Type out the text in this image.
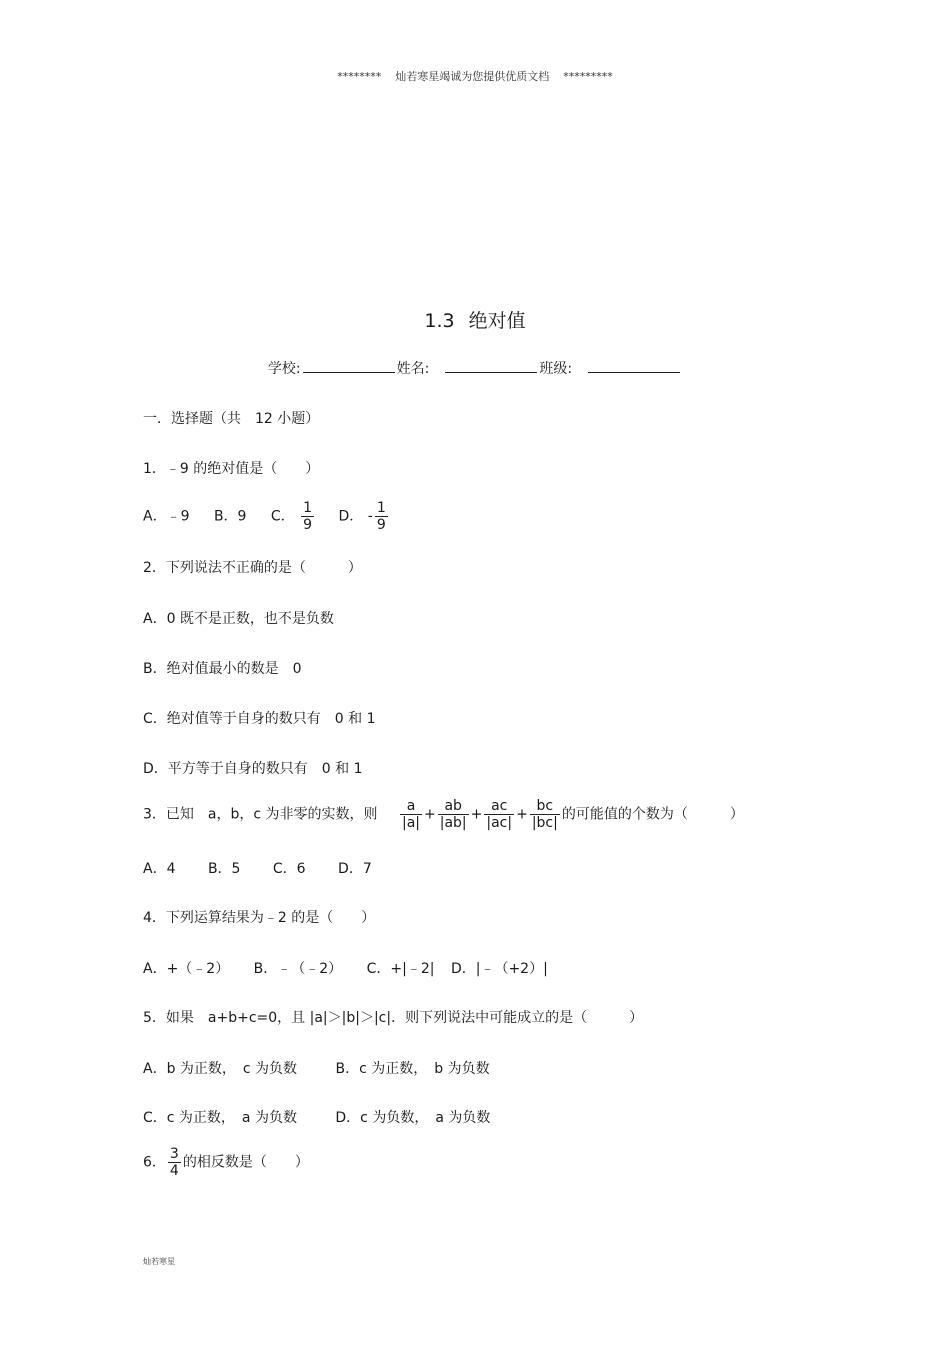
******** 灿若寒星竭诚为您提供优质文档 *********
1.3 绝对值
学校:	姓名:	班级:
一．选择题（共　12 小题）
1．﹣9 的绝对值是（　　）
A．﹣9 B．9 C． $\frac{1}{9}$ D． - $\frac{1}{9}$
2．下列说法不正确的是（　　　）
A．0 既不是正数，也不是负数
B．绝对值最小的数是　0
C．绝对值等于自身的数只有　0 和 1
D．平方等于自身的数只有　0 和 1
3．已知　a，b，c 为非零的实数，则 $\frac{a}{|a|} + \frac{ab}{|ab|} + \frac{ac}{|ac|} + \frac{bc}{|bc|}$ 的可能值的个数为（　　　）
A．4 B．5 C．6 D．7
4．下列运算结果为﹣2 的是（　　）
A．+（﹣2） B．﹣（﹣2） C．+|﹣2| D．|﹣（+2）|
5．如果　a+b+c=0，且 |a|＞|b|＞|c|．则下列说法中可能成立的是（　　　）
A．b 为正数，　c 为负数	B．c 为正数，　b 为负数
C．c 为正数，　a 为负数	D．c 为负数，　a 为负数
6． $\frac{3}{4}$ 的相反数是（　　）
灿若寒星
